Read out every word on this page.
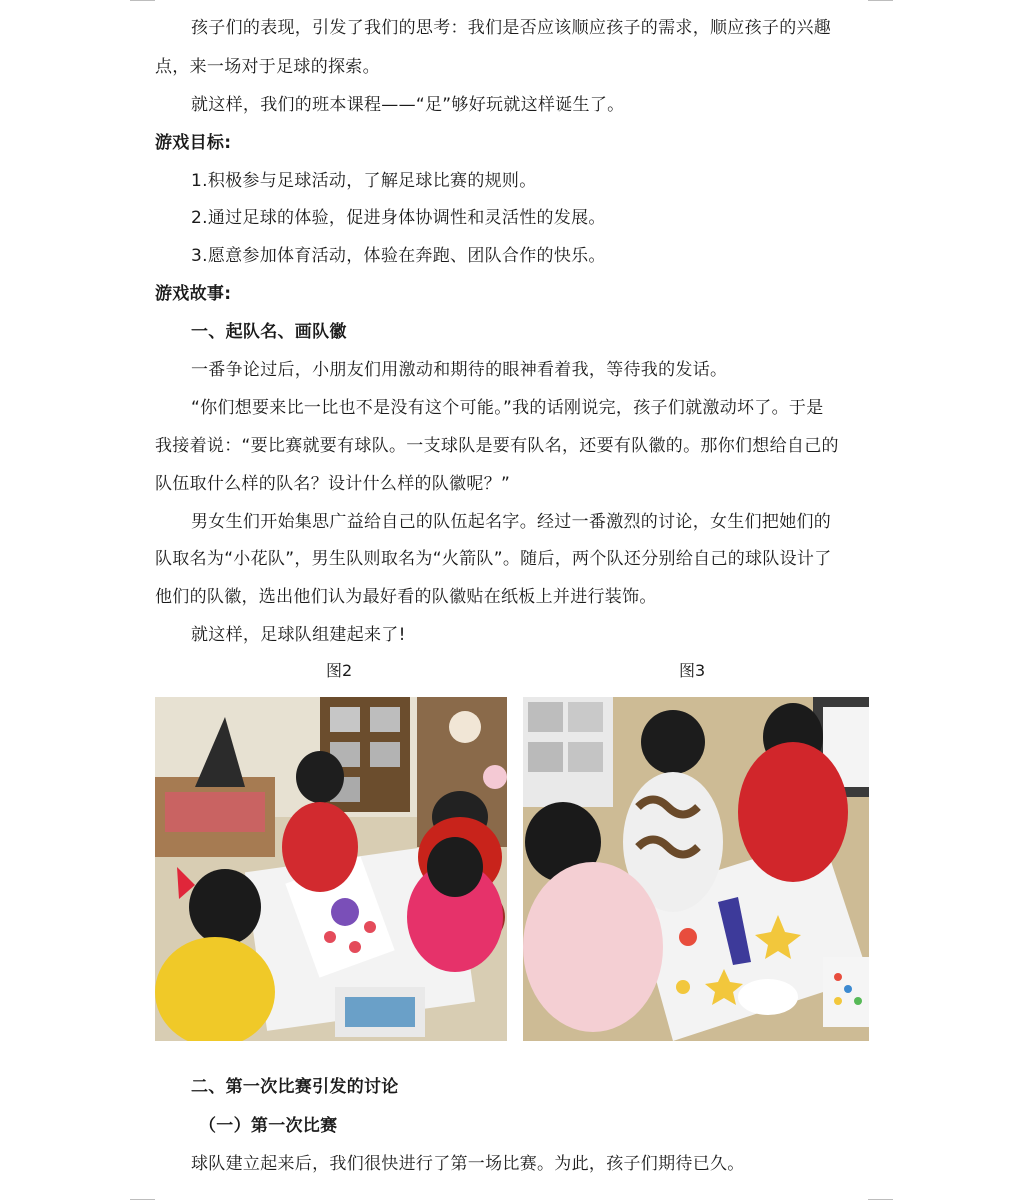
孩子们的表现，引发了我们的思考：我们是否应该顺应孩子的需求，顺应孩子的兴趣
点，来一场对于足球的探索。
就这样，我们的班本课程——“足”够好玩就这样诞生了。
游戏目标:
1.积极参与足球活动，了解足球比赛的规则。
2.通过足球的体验，促进身体协调性和灵活性的发展。
3.愿意参加体育活动，体验在奔跑、团队合作的快乐。
游戏故事:
一、起队名、画队徽
一番争论过后，小朋友们用激动和期待的眼神看着我，等待我的发话。
“你们想要来比一比也不是没有这个可能。”我的话刚说完，孩子们就激动坏了。于是
我接着说：“要比赛就要有球队。一支球队是要有队名，还要有队徽的。那你们想给自己的
队伍取什么样的队名？设计什么样的队徽呢？”
男女生们开始集思广益给自己的队伍起名字。经过一番激烈的讨论，女生们把她们的
队取名为“小花队”，男生队则取名为“火箭队”。随后，两个队还分别给自己的球队设计了
他们的队徽，选出他们认为最好看的队徽贴在纸板上并进行装饰。
就这样，足球队组建起来了!
图2	图3
二、第一次比赛引发的讨论
（一）第一次比赛
球队建立起来后，我们很快进行了第一场比赛。为此，孩子们期待已久。
